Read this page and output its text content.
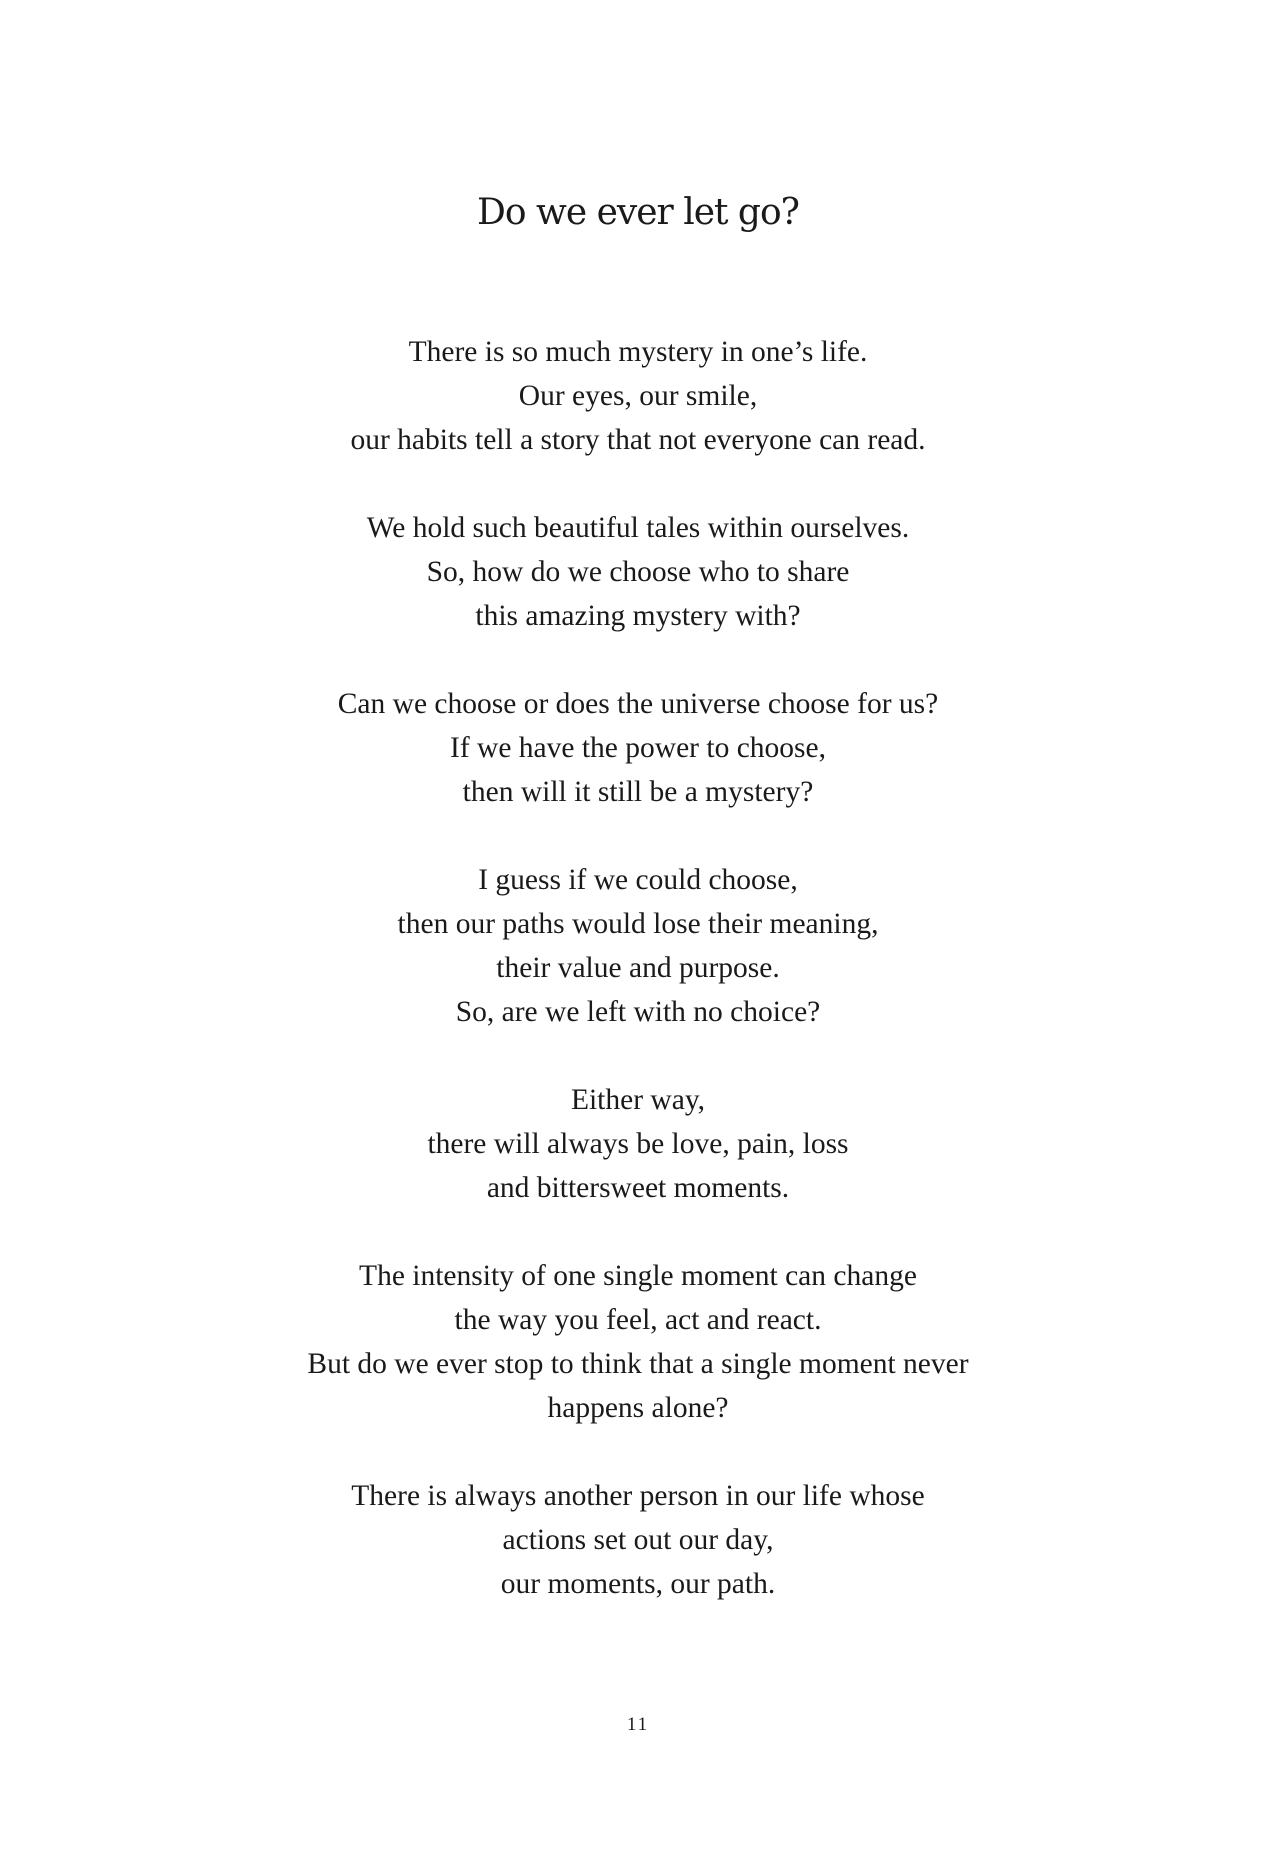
Do we ever let go?
There is so much mystery in one’s life.
Our eyes, our smile,
our habits tell a story that not everyone can read.
We hold such beautiful tales within ourselves.
So, how do we choose who to share
this amazing mystery with?
Can we choose or does the universe choose for us?
If we have the power to choose,
then will it still be a mystery?
I guess if we could choose,
then our paths would lose their meaning,
their value and purpose.
So, are we left with no choice?
Either way,
there will always be love, pain, loss
and bittersweet moments.
The intensity of one single moment can change
the way you feel, act and react.
But do we ever stop to think that a single moment never
happens alone?
There is always another person in our life whose
actions set out our day,
our moments, our path.
11
